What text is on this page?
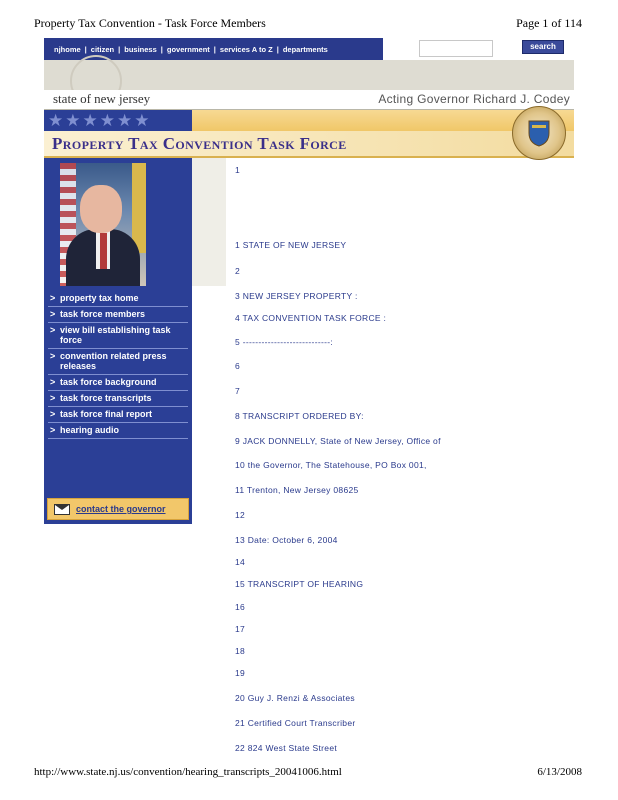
Property Tax Convention - Task Force Members	Page 1 of 114
njhome | citizen | business | government | services A to Z | departments	search
state of new jersey	Acting Governor Richard J. Codey
★★★★★★
Property Tax Convention Task Force
> property tax home
> task force members
> view bill establishing task force
> convention related press releases
> task force background
> task force transcripts
> task force final report
> hearing audio
contact the governor
1
1 STATE OF NEW JERSEY
2
3 NEW JERSEY PROPERTY :
4 TAX CONVENTION TASK FORCE :
5 ----------------------------:
6
7
8 TRANSCRIPT ORDERED BY:
9 JACK DONNELLY, State of New Jersey, Office of
10 the Governor, The Statehouse, PO Box 001,
11 Trenton, New Jersey 08625
12
13 Date: October 6, 2004
14
15 TRANSCRIPT OF HEARING
16
17
18
19
20 Guy J. Renzi & Associates
21 Certified Court Transcriber
22 824 West State Street
http://www.state.nj.us/convention/hearing_transcripts_20041006.html	6/13/2008
